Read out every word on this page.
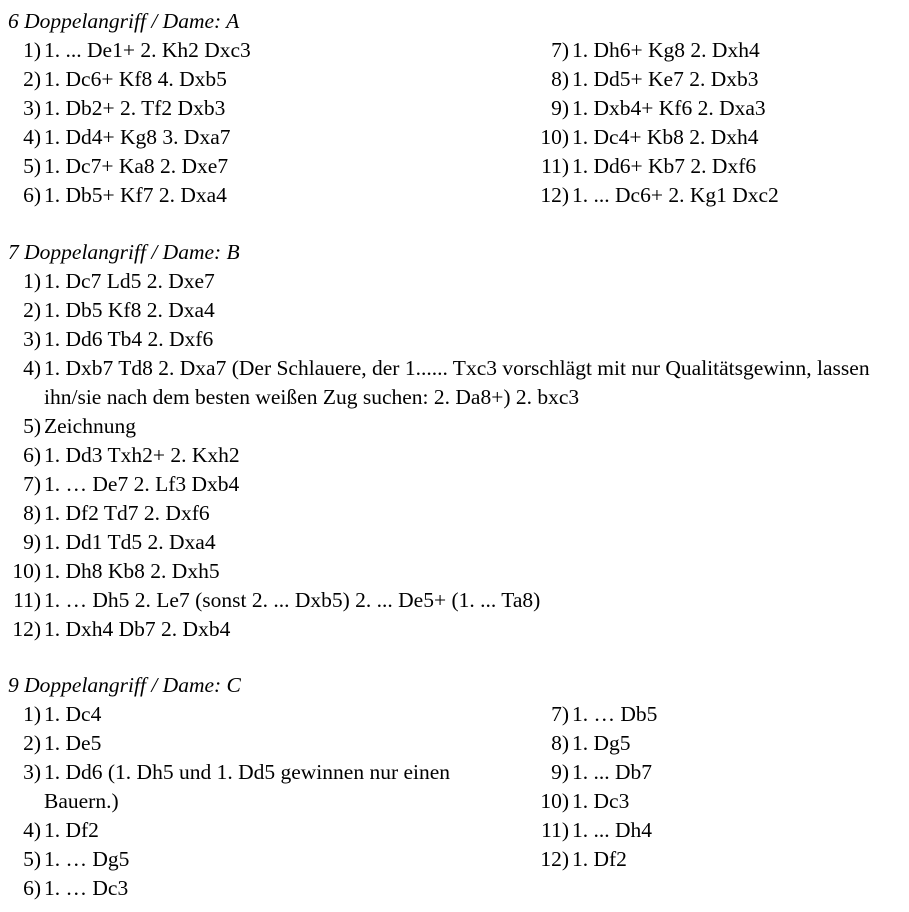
6 Doppelangriff / Dame: A
1) 1. ... De1+ 2. Kh2 Dxc3
2) 1. Dc6+ Kf8 4. Dxb5
3) 1. Db2+ 2. Tf2 Dxb3
4) 1. Dd4+ Kg8 3. Dxa7
5) 1. Dc7+ Ka8 2. Dxe7
6) 1. Db5+ Kf7 2. Dxa4
7) 1. Dh6+ Kg8 2. Dxh4
8) 1. Dd5+ Ke7 2. Dxb3
9) 1. Dxb4+ Kf6 2. Dxa3
10) 1. Dc4+ Kb8 2. Dxh4
11) 1. Dd6+ Kb7 2. Dxf6
12) 1. ... Dc6+ 2. Kg1 Dxc2
7 Doppelangriff / Dame: B
1) 1. Dc7 Ld5 2. Dxe7
2) 1. Db5 Kf8 2. Dxa4
3) 1. Dd6 Tb4 2. Dxf6
4) 1. Dxb7 Td8 2. Dxa7 (Der Schlauere, der 1...... Txc3 vorschlägt mit nur Qualitätsgewinn, lassen ihn/sie nach dem besten weißen Zug suchen: 2. Da8+) 2. bxc3
5) Zeichnung
6) 1. Dd3 Txh2+ 2. Kxh2
7) 1. … De7 2. Lf3 Dxb4
8) 1. Df2 Td7 2. Dxf6
9) 1. Dd1 Td5 2. Dxa4
10) 1. Dh8 Kb8 2. Dxh5
11) 1. … Dh5 2. Le7 (sonst 2. ... Dxb5) 2. ... De5+ (1. ... Ta8)
12) 1. Dxh4 Db7 2. Dxb4
9 Doppelangriff / Dame: C
1) 1. Dc4
2) 1. De5
3) 1. Dd6 (1. Dh5 und 1. Dd5 gewinnen nur einen Bauern.)
4) 1. Df2
5) 1. … Dg5
6) 1. … Dc3
7) 1. … Db5
8) 1. Dg5
9) 1. ... Db7
10) 1. Dc3
11) 1. ... Dh4
12) 1. Df2
